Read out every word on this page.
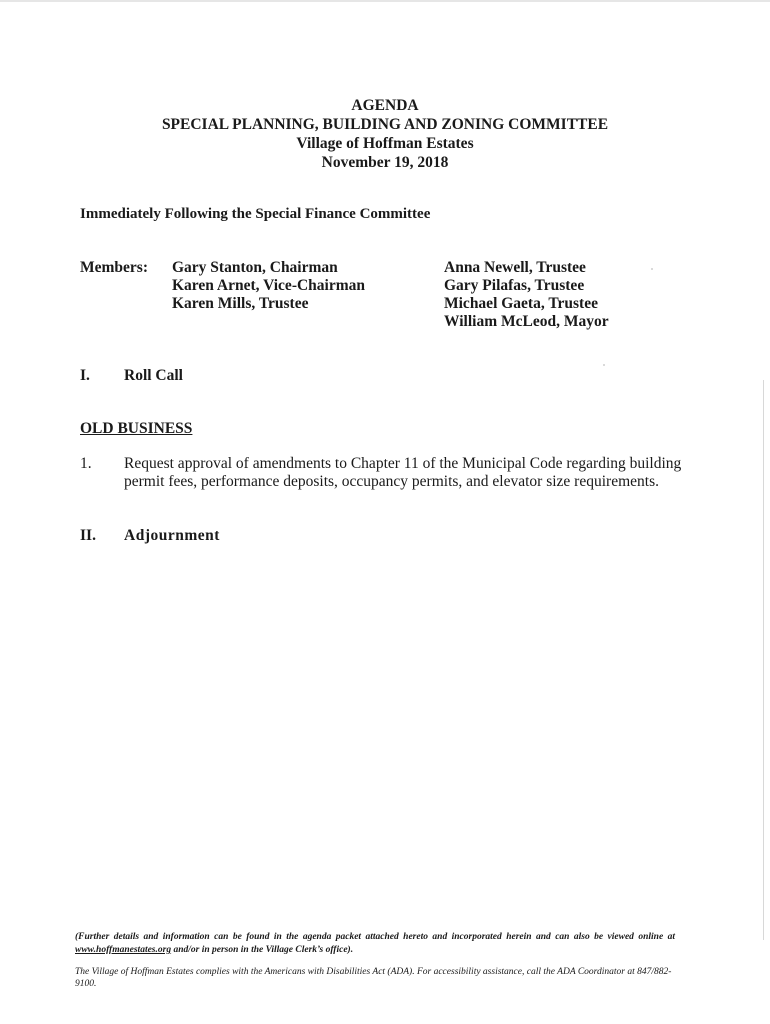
AGENDA
SPECIAL PLANNING, BUILDING AND ZONING COMMITTEE
Village of Hoffman Estates
November 19, 2018
Immediately Following the Special Finance Committee
Members: Gary Stanton, Chairman
Karen Arnet, Vice-Chairman
Karen Mills, Trustee
Anna Newell, Trustee
Gary Pilafas, Trustee
Michael Gaeta, Trustee
William McLeod, Mayor
I. Roll Call
OLD BUSINESS
1. Request approval of amendments to Chapter 11 of the Municipal Code regarding building permit fees, performance deposits, occupancy permits, and elevator size requirements.
II. Adjournment
(Further details and information can be found in the agenda packet attached hereto and incorporated herein and can also be viewed online at www.hoffmanestates.org and/or in person in the Village Clerk’s office).
The Village of Hoffman Estates complies with the Americans with Disabilities Act (ADA). For accessibility assistance, call the ADA Coordinator at 847/882-9100.
